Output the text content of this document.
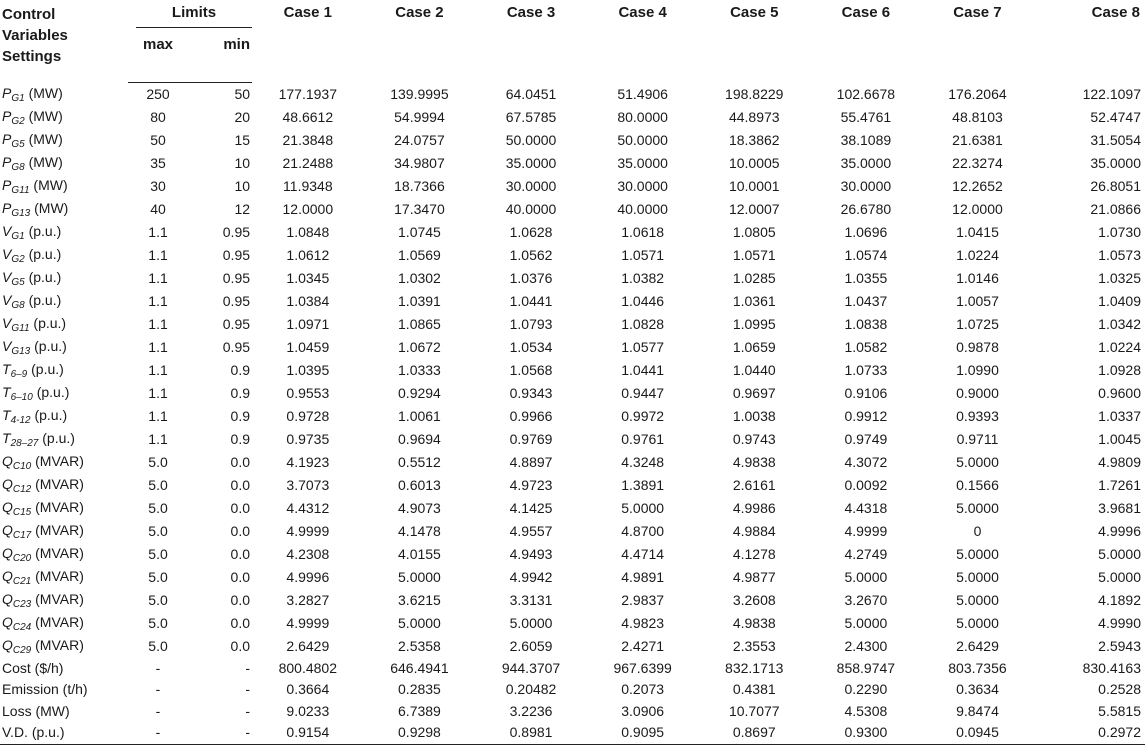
Control
Variables
Settings	Limits		Case 1	Case 2	Case 3	Case 4	Case 5	Case 6	Case 7	Case 8
	max	min								
$P_{G1}$ (MW)	250	50	177.1937	139.9995	64.0451	51.4906	198.8229	102.6678	176.2064	122.1097
$P_{G2}$ (MW)	80	20	48.6612	54.9994	67.5785	80.0000	44.8973	55.4761	48.8103	52.4747
$P_{G5}$ (MW)	50	15	21.3848	24.0757	50.0000	50.0000	18.3862	38.1089	21.6381	31.5054
$P_{G8}$ (MW)	35	10	21.2488	34.9807	35.0000	35.0000	10.0005	35.0000	22.3274	35.0000
$P_{G11}$ (MW)	30	10	11.9348	18.7366	30.0000	30.0000	10.0001	30.0000	12.2652	26.8051
$P_{G13}$ (MW)	40	12	12.0000	17.3470	40.0000	40.0000	12.0007	26.6780	12.0000	21.0866
$V_{G1}$ (p.u.)	1.1	0.95	1.0848	1.0745	1.0628	1.0618	1.0805	1.0696	1.0415	1.0730
$V_{G2}$ (p.u.)	1.1	0.95	1.0612	1.0569	1.0562	1.0571	1.0571	1.0574	1.0224	1.0573
$V_{G5}$ (p.u.)	1.1	0.95	1.0345	1.0302	1.0376	1.0382	1.0285	1.0355	1.0146	1.0325
$V_{G8}$ (p.u.)	1.1	0.95	1.0384	1.0391	1.0441	1.0446	1.0361	1.0437	1.0057	1.0409
$V_{G11}$ (p.u.)	1.1	0.95	1.0971	1.0865	1.0793	1.0828	1.0995	1.0838	1.0725	1.0342
$V_{G13}$ (p.u.)	1.1	0.95	1.0459	1.0672	1.0534	1.0577	1.0659	1.0582	0.9878	1.0224
$T_{6-9}$ (p.u.)	1.1	0.9	1.0395	1.0333	1.0568	1.0441	1.0440	1.0733	1.0990	1.0928
$T_{6-10}$ (p.u.)	1.1	0.9	0.9553	0.9294	0.9343	0.9447	0.9697	0.9106	0.9000	0.9600
$T_{4-12}$ (p.u.)	1.1	0.9	0.9728	1.0061	0.9966	0.9972	1.0038	0.9912	0.9393	1.0337
$T_{28-27}$ (p.u.)	1.1	0.9	0.9735	0.9694	0.9769	0.9761	0.9743	0.9749	0.9711	1.0045
$Q_{C10}$ (MVAR)	5.0	0.0	4.1923	0.5512	4.8897	4.3248	4.9838	4.3072	5.0000	4.9809
$Q_{C12}$ (MVAR)	5.0	0.0	3.7073	0.6013	4.9723	1.3891	2.6161	0.0092	0.1566	1.7261
$Q_{C15}$ (MVAR)	5.0	0.0	4.4312	4.9073	4.1425	5.0000	4.9986	4.4318	5.0000	3.9681
$Q_{C17}$ (MVAR)	5.0	0.0	4.9999	4.1478	4.9557	4.8700	4.9884	4.9999	0	4.9996
$Q_{C20}$ (MVAR)	5.0	0.0	4.2308	4.0155	4.9493	4.4714	4.1278	4.2749	5.0000	5.0000
$Q_{C21}$ (MVAR)	5.0	0.0	4.9996	5.0000	4.9942	4.9891	4.9877	5.0000	5.0000	5.0000
$Q_{C23}$ (MVAR)	5.0	0.0	3.2827	3.6215	3.3131	2.9837	3.2608	3.2670	5.0000	4.1892
$Q_{C24}$ (MVAR)	5.0	0.0	4.9999	5.0000	5.0000	4.9823	4.9838	5.0000	5.0000	4.9990
$Q_{C29}$ (MVAR)	5.0	0.0	2.6429	2.5358	2.6059	2.4271	2.3553	2.4300	2.6429	2.5943
Cost ($/h)	-	-	800.4802	646.4941	944.3707	967.6399	832.1713	858.9747	803.7356	830.4163
Emission (t/h)	-	-	0.3664	0.2835	0.20482	0.2073	0.4381	0.2290	0.3634	0.2528
Loss (MW)	-	-	9.0233	6.7389	3.2236	3.0906	10.7077	4.5308	9.8474	5.5815
V.D. (p.u.)	-	-	0.9154	0.9298	0.8981	0.9095	0.8697	0.9300	0.0945	0.2972
